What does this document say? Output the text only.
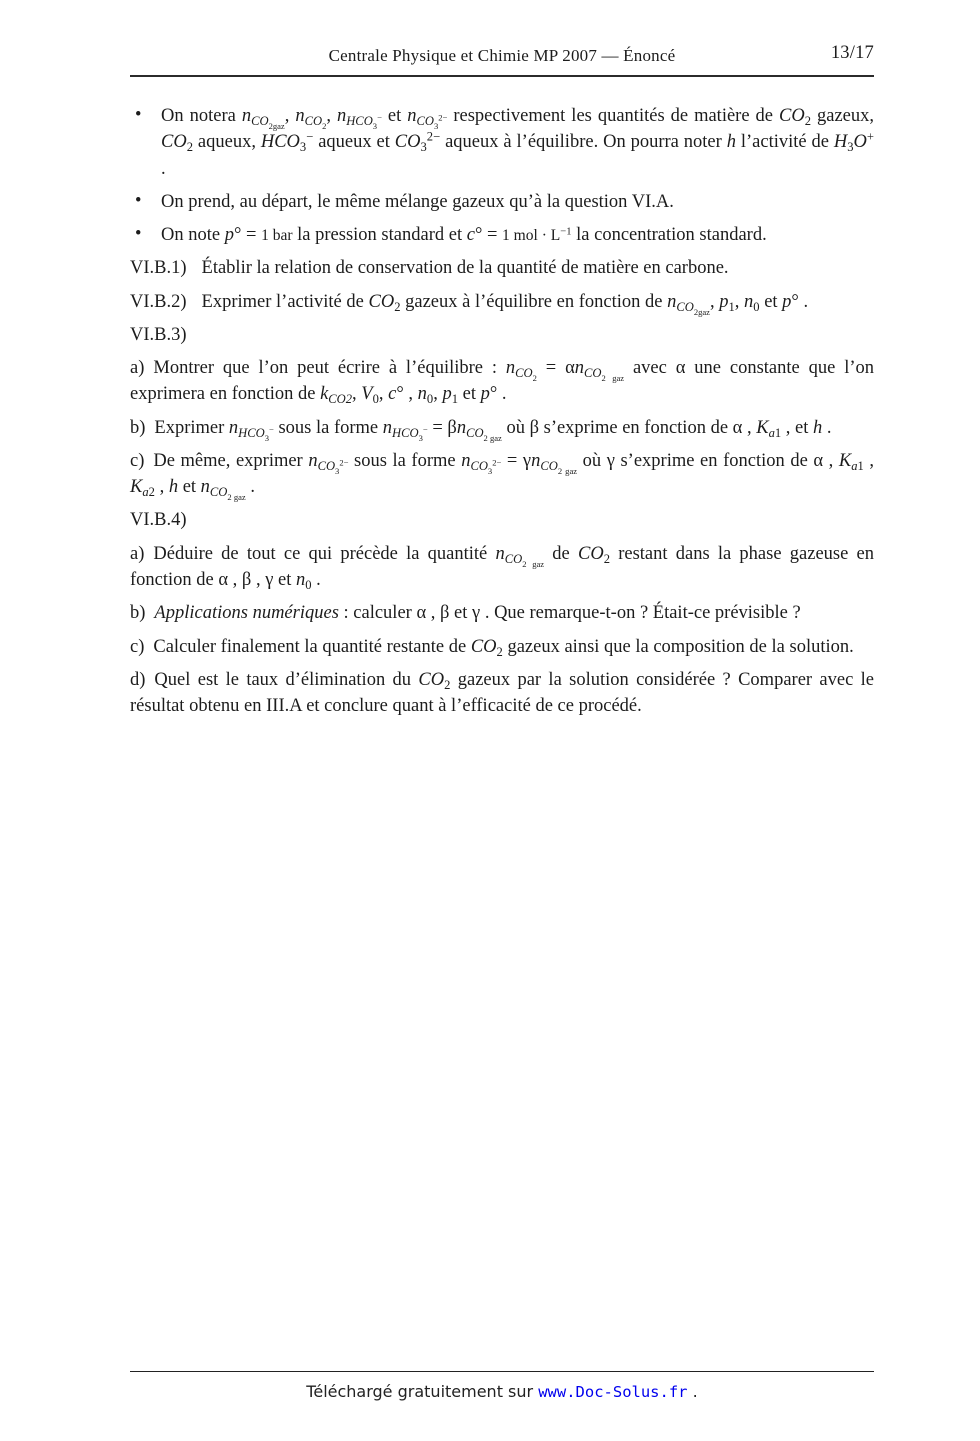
Centrale Physique et Chimie MP 2007 — Énoncé	13/17
• On notera $n_{CO_{2gaz}}$, $n_{CO_2}$, $n_{HCO_3^-}$ et $n_{CO_3^{2-}}$ respectivement les quantités de matière de $CO_2$ gazeux, $CO_2$ aqueux, $HCO_3^-$ aqueux et $CO_3^{2-}$ aqueux à l’équilibre. On pourra noter h l’activité de $H_3O^+$ .
• On prend, au départ, le même mélange gazeux qu’à la question VI.A.
• On note p° = 1 bar la pression standard et c° = 1 mol · $L^{-1}$ la concentration standard.
VI.B.1) Établir la relation de conservation de la quantité de matière en carbone.
VI.B.2) Exprimer l’activité de $CO_2$ gazeux à l’équilibre en fonction de $n_{CO_{2gaz}}$, $p_1$, $n_0$ et p° .
VI.B.3)
a) Montrer que l’on peut écrire à l’équilibre : $n_{CO_2} = \alpha n_{CO_{2 gaz}}$ avec α une constante que l’on exprimera en fonction de $k_{CO2}$, $V_0$, c° , $n_0$, $p_1$ et p° .
b) Exprimer $n_{HCO_3^-}$ sous la forme $n_{HCO_3^-} = \beta n_{CO_{2 gaz}}$ où β s’exprime en fonction de α , $K_{a1}$ , et h .
c) De même, exprimer $n_{CO_3^{2-}}$ sous la forme $n_{CO_3^{2-}} = \gamma n_{CO_{2 gaz}}$ où γ s’exprime en fonction de α , $K_{a1}$ , $K_{a2}$ , h et $n_{CO_{2 gaz}}$ .
VI.B.4)
a) Déduire de tout ce qui précède la quantité $n_{CO_{2 gaz}}$ de $CO_2$ restant dans la phase gazeuse en fonction de α , β , γ et $n_0$ .
b) Applications numériques : calculer α , β et γ . Que remarque-t-on ? Était-ce prévisible ?
c) Calculer finalement la quantité restante de $CO_2$ gazeux ainsi que la composition de la solution.
d) Quel est le taux d’élimination du $CO_2$ gazeux par la solution considérée ? Comparer avec le résultat obtenu en III.A et conclure quant à l’efficacité de ce procédé.
Téléchargé gratuitement sur www.Doc-Solus.fr .
